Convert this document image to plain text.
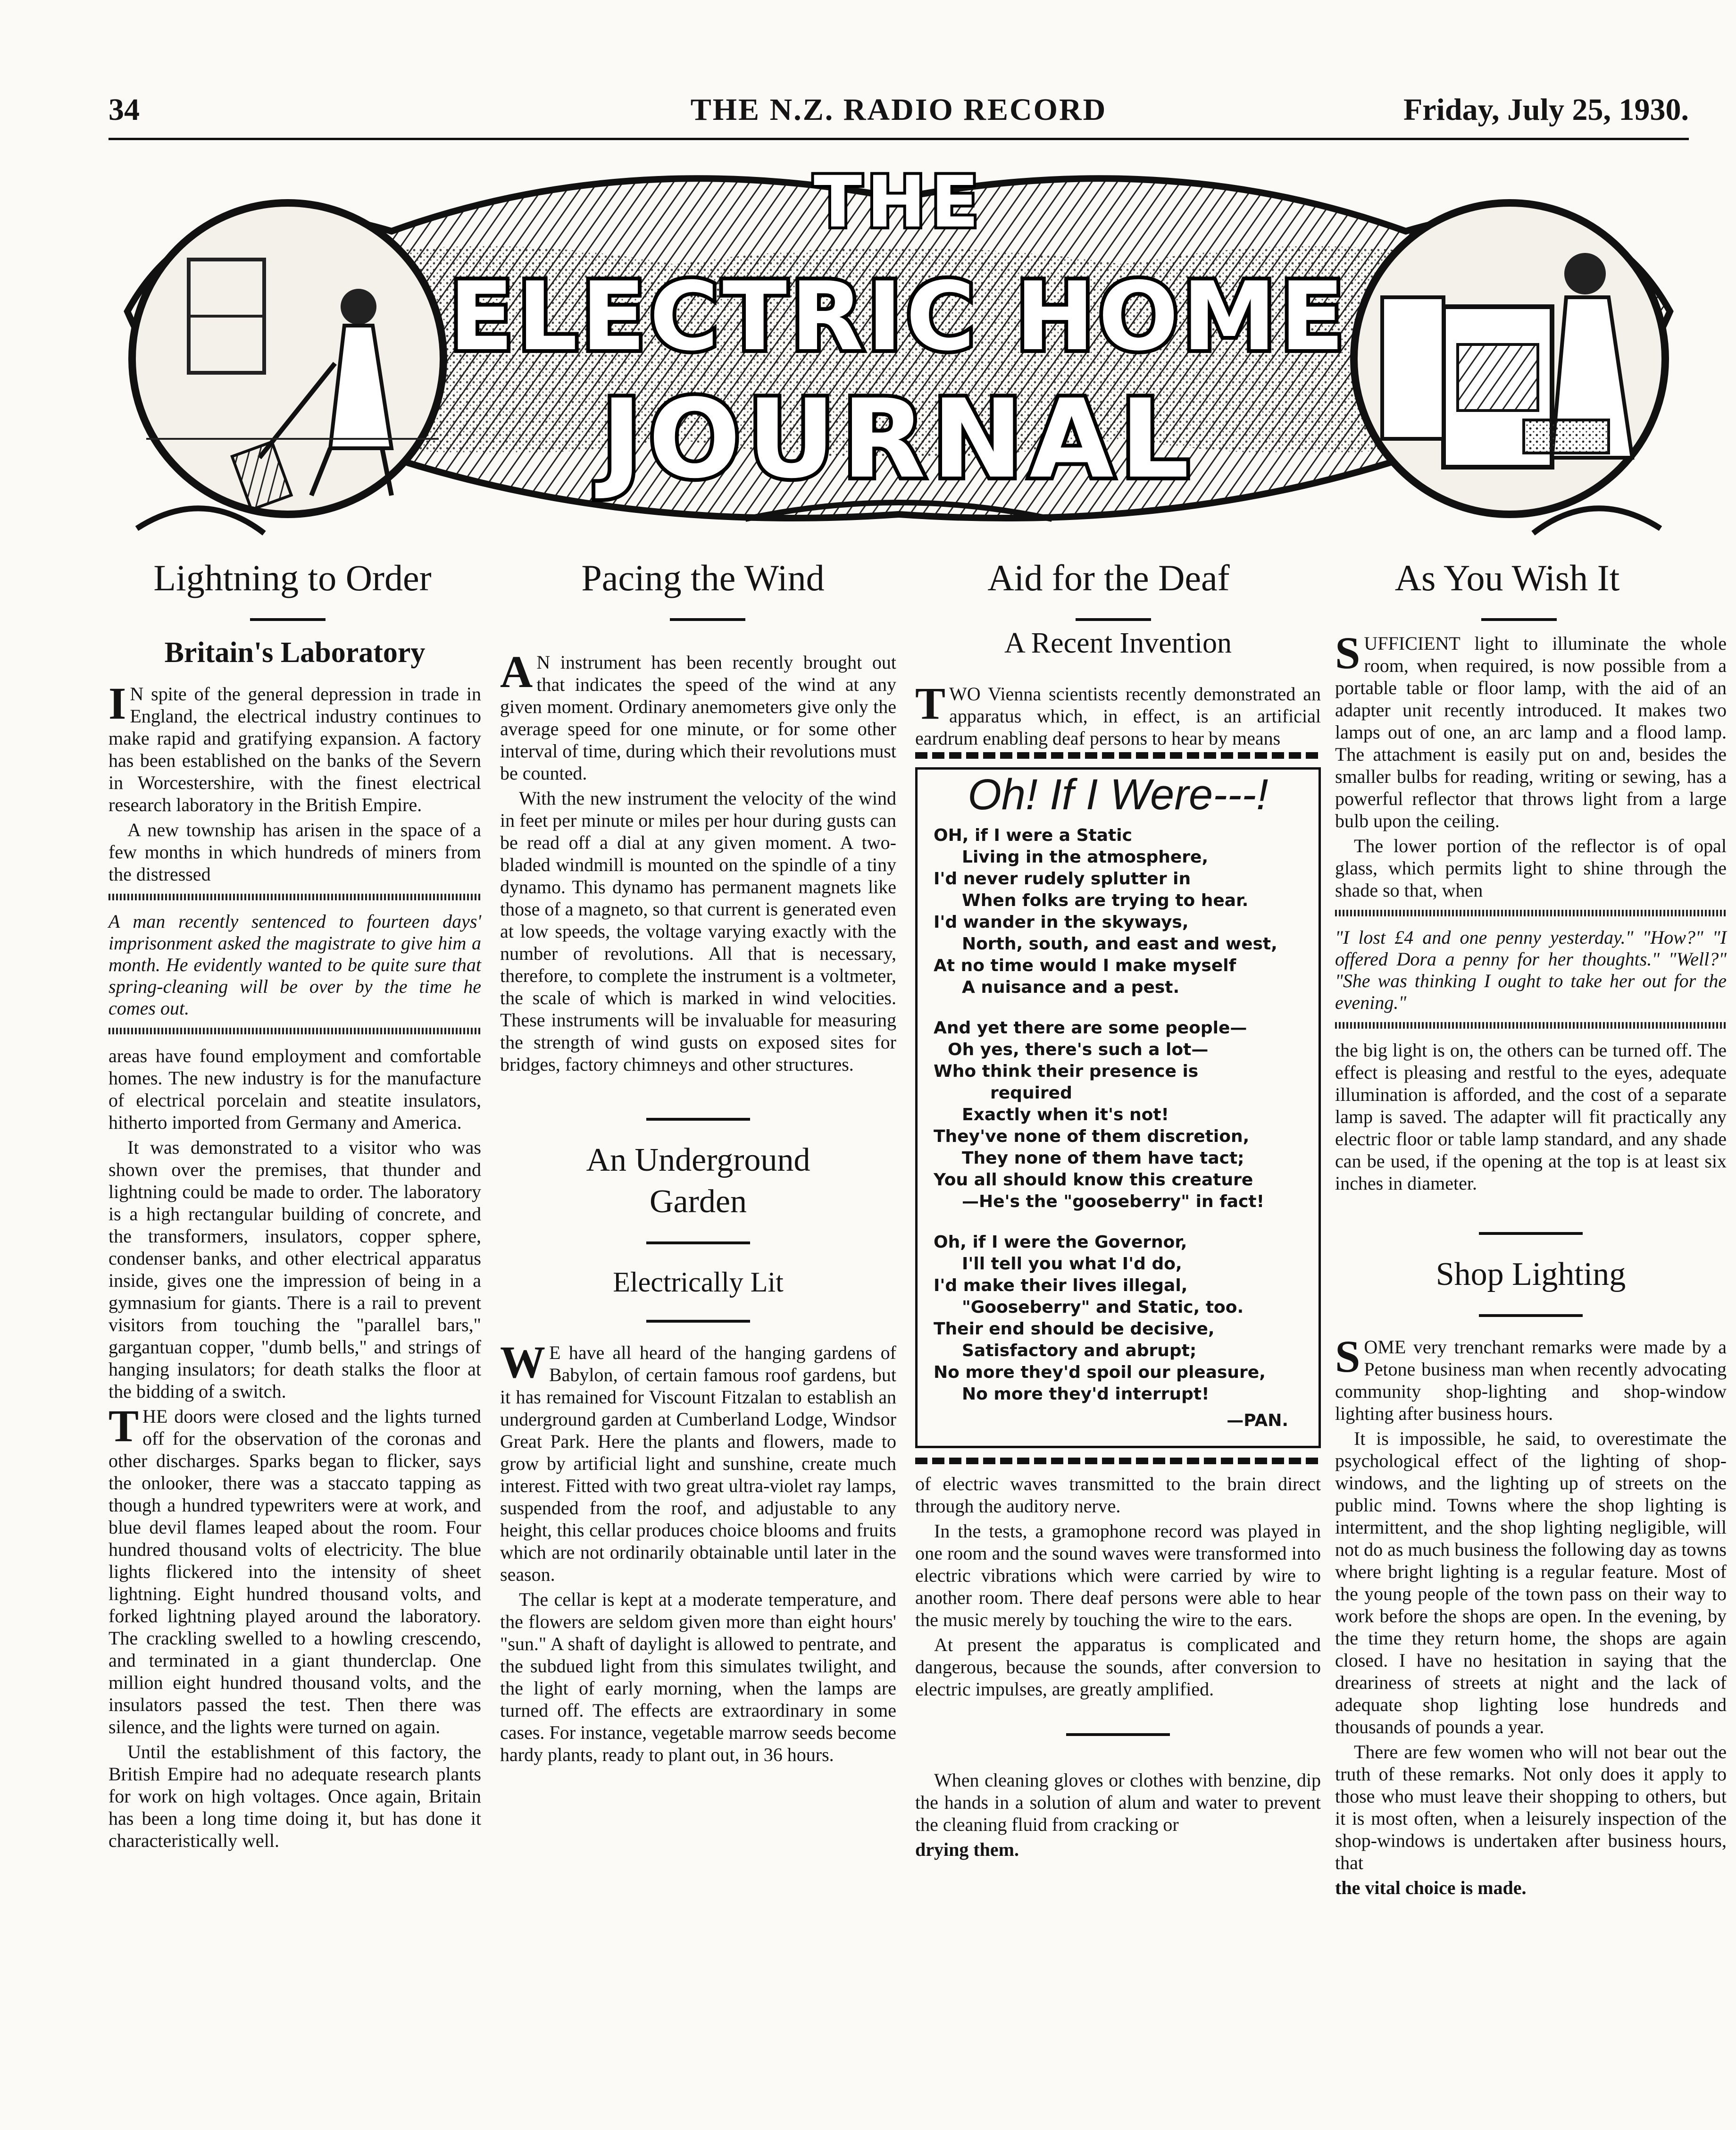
34	THE N.Z. RADIO RECORD	Friday, July 25, 1930.
THE
ELECTRIC HOME
JOURNAL
Lightning to Order	Pacing the Wind	Aid for the Deaf	As You Wish It
Britain's Laboratory

IN spite of the general depression in trade in England, the electrical industry continues to make rapid and gratifying expansion. A factory has been established on the banks of the Severn in Worcestershire, with the finest electrical research laboratory in the British Empire.

A new township has arisen in the space of a few months in which hundreds of miners from the distressed

A man recently sentenced to fourteen days' imprisonment asked the magistrate to give him a month. He evidently wanted to be quite sure that spring-cleaning will be over by the time he comes out.

areas have found employment and comfortable homes. The new industry is for the manufacture of electrical porcelain and steatite insulators, hitherto imported from Germany and America.

It was demonstrated to a visitor who was shown over the premises, that thunder and lightning could be made to order. The laboratory is a high rectangular building of concrete, and the transformers, insulators, copper sphere, condenser banks, and other electrical apparatus inside, gives one the impression of being in a gymnasium for giants. There is a rail to prevent visitors from touching the "parallel bars," gargantuan copper, "dumb bells," and strings of hanging insulators; for death stalks the floor at the bidding of a switch.

THE doors were closed and the lights turned off for the observation of the coronas and other discharges. Sparks began to flicker, says the onlooker, there was a staccato tapping as though a hundred typewriters were at work, and blue devil flames leaped about the room. Four hundred thousand volts of electricity. The blue lights flickered into the intensity of sheet lightning. Eight hundred thousand volts, and forked lightning played around the laboratory. The crackling swelled to a howling crescendo, and terminated in a giant thunderclap. One million eight hundred thousand volts, and the insulators passed the test. Then there was silence, and the lights were turned on again.

Until the establishment of this factory, the British Empire had no adequate research plants for work on high voltages. Once again, Britain has been a long time doing it, but has done it characteristically well.

AN instrument has been recently brought out that indicates the speed of the wind at any given moment. Ordinary anemometers give only the average speed for one minute, or for some other interval of time, during which their revolutions must be counted.

With the new instrument the velocity of the wind in feet per minute or miles per hour during gusts can be read off a dial at any given moment. A two-bladed windmill is mounted on the spindle of a tiny dynamo. This dynamo has permanent magnets like those of a magneto, so that current is generated even at low speeds, the voltage varying exactly with the number of revolutions. All that is necessary, therefore, to complete the instrument is a voltmeter, the scale of which is marked in wind velocities. These instruments will be invaluable for measuring the strength of wind gusts on exposed sites for bridges, factory chimneys and other structures.

An Underground
Garden
Electrically Lit

WE have all heard of the hanging gardens of Babylon, of certain famous roof gardens, but it has remained for Viscount Fitzalan to establish an underground garden at Cumberland Lodge, Windsor Great Park. Here the plants and flowers, made to grow by artificial light and sunshine, create much interest. Fitted with two great ultra-violet ray lamps, suspended from the roof, and adjustable to any height, this cellar produces choice blooms and fruits which are not ordinarily obtainable until later in the season.

The cellar is kept at a moderate temperature, and the flowers are seldom given more than eight hours' "sun." A shaft of daylight is allowed to pentrate, and the subdued light from this simulates twilight, and the light of early morning, when the lamps are turned off. The effects are extraordinary in some cases. For instance, vegetable marrow seeds become hardy plants, ready to plant out, in 36 hours.

A Recent Invention

TWO Vienna scientists recently demonstrated an apparatus which, in effect, is an artificial eardrum enabling deaf persons to hear by means

Oh! If I Were---!
OH, if I were a Static
Living in the atmosphere,
I'd never rudely splutter in
When folks are trying to hear.
I'd wander in the skyways,
North, south, and east and west,
At no time would I make myself
A nuisance and a pest.
And yet there are some people—
Oh yes, there's such a lot—
Who think their presence is
required
Exactly when it's not!
They've none of them discretion,
They none of them have tact;
You all should know this creature
—He's the "gooseberry" in fact!
Oh, if I were the Governor,
I'll tell you what I'd do,
I'd make their lives illegal,
"Gooseberry" and Static, too.
Their end should be decisive,
Satisfactory and abrupt;
No more they'd spoil our pleasure,
No more they'd interrupt!
—PAN.

of electric waves transmitted to the brain direct through the auditory nerve.

In the tests, a gramophone record was played in one room and the sound waves were transformed into electric vibrations which were carried by wire to another room. There deaf persons were able to hear the music merely by touching the wire to the ears.

At present the apparatus is complicated and dangerous, because the sounds, after conversion to electric impulses, are greatly amplified.

When cleaning gloves or clothes with benzine, dip the hands in a solution of alum and water to prevent the cleaning fluid from cracking or

drying them.

SUFFICIENT light to illuminate the whole room, when required, is now possible from a portable table or floor lamp, with the aid of an adapter unit recently introduced. It makes two lamps out of one, an arc lamp and a flood lamp. The attachment is easily put on and, besides the smaller bulbs for reading, writing or sewing, has a powerful reflector that throws light from a large bulb upon the ceiling.

The lower portion of the reflector is of opal glass, which permits light to shine through the shade so that, when

"I lost £4 and one penny yesterday." "How?" "I offered Dora a penny for her thoughts." "Well?" "She was thinking I ought to take her out for the evening."

the big light is on, the others can be turned off. The effect is pleasing and restful to the eyes, adequate illumination is afforded, and the cost of a separate lamp is saved. The adapter will fit practically any electric floor or table lamp standard, and any shade can be used, if the opening at the top is at least six inches in diameter.

Shop Lighting

SOME very trenchant remarks were made by a Petone business man when recently advocating community shop-lighting and shop-window lighting after business hours.

It is impossible, he said, to overestimate the psychological effect of the lighting of shop-windows, and the lighting up of streets on the public mind. Towns where the shop lighting is intermittent, and the shop lighting negligible, will not do as much business the following day as towns where bright lighting is a regular feature. Most of the young people of the town pass on their way to work before the shops are open. In the evening, by the time they return home, the shops are again closed. I have no hesitation in saying that the dreariness of streets at night and the lack of adequate shop lighting lose hundreds and thousands of pounds a year.

There are few women who will not bear out the truth of these remarks. Not only does it apply to those who must leave their shopping to others, but it is most often, when a leisurely inspection of the shop-windows is undertaken after business hours, that

the vital choice is made.
